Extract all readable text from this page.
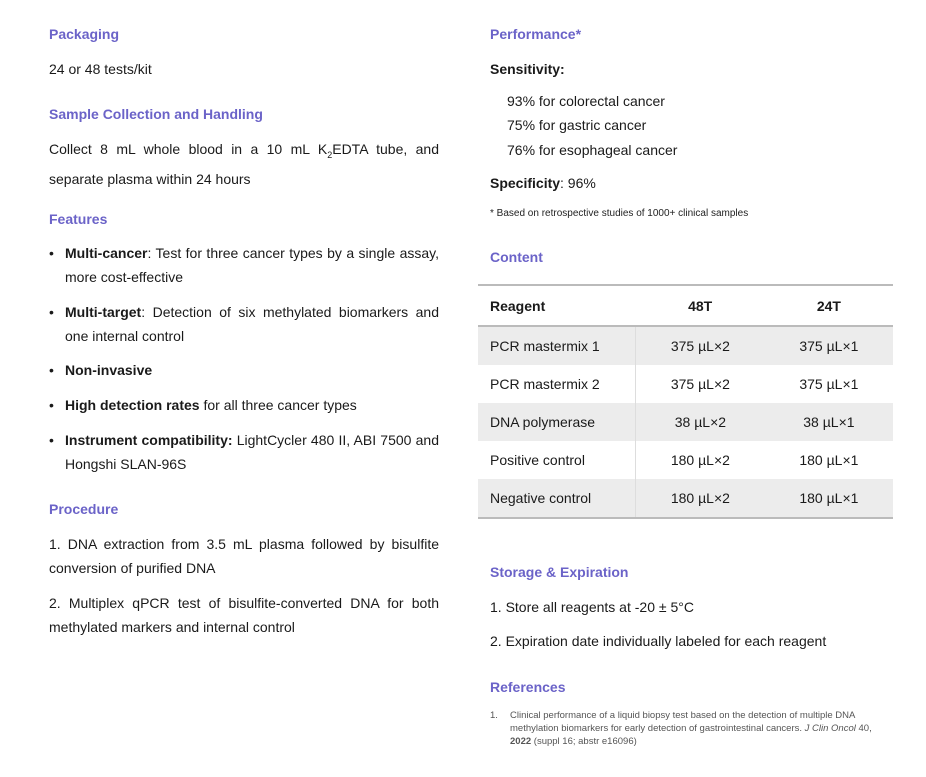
Packaging
24 or 48 tests/kit
Sample Collection and Handling
Collect 8 mL whole blood in a 10 mL $K_2EDTA$ tube, and separate plasma within 24 hours
Features
• Multi-cancer: Test for three cancer types by a single assay, more cost-effective
• Multi-target: Detection of six methylated biomarkers and one internal control
• Non-invasive
• High detection rates for all three cancer types
• Instrument compatibility: LightCycler 480 II, ABI 7500 and Hongshi SLAN-96S
Procedure
1. DNA extraction from 3.5 mL plasma followed by bisulfite conversion of purified DNA
2. Multiplex qPCR test of bisulfite-converted DNA for both methylated markers and internal control
Performance*
Sensitivity:
93% for colorectal cancer
75% for gastric cancer
76% for esophageal cancer
Specificity: 96%
* Based on retrospective studies of 1000+ clinical samples
Content
Reagent	48T	24T
PCR mastermix 1	375 µL×2	375 µL×1
PCR mastermix 2	375 µL×2	375 µL×1
DNA polymerase	38 µL×2	38 µL×1
Positive control	180 µL×2	180 µL×1
Negative control	180 µL×2	180 µL×1
Storage & Expiration
1. Store all reagents at -20 ± 5°C
2. Expiration date individually labeled for each reagent
References
1. Clinical performance of a liquid biopsy test based on the detection of multiple DNA methylation biomarkers for early detection of gastrointestinal cancers. J Clin Oncol 40, 2022 (suppl 16; abstr e16096)
